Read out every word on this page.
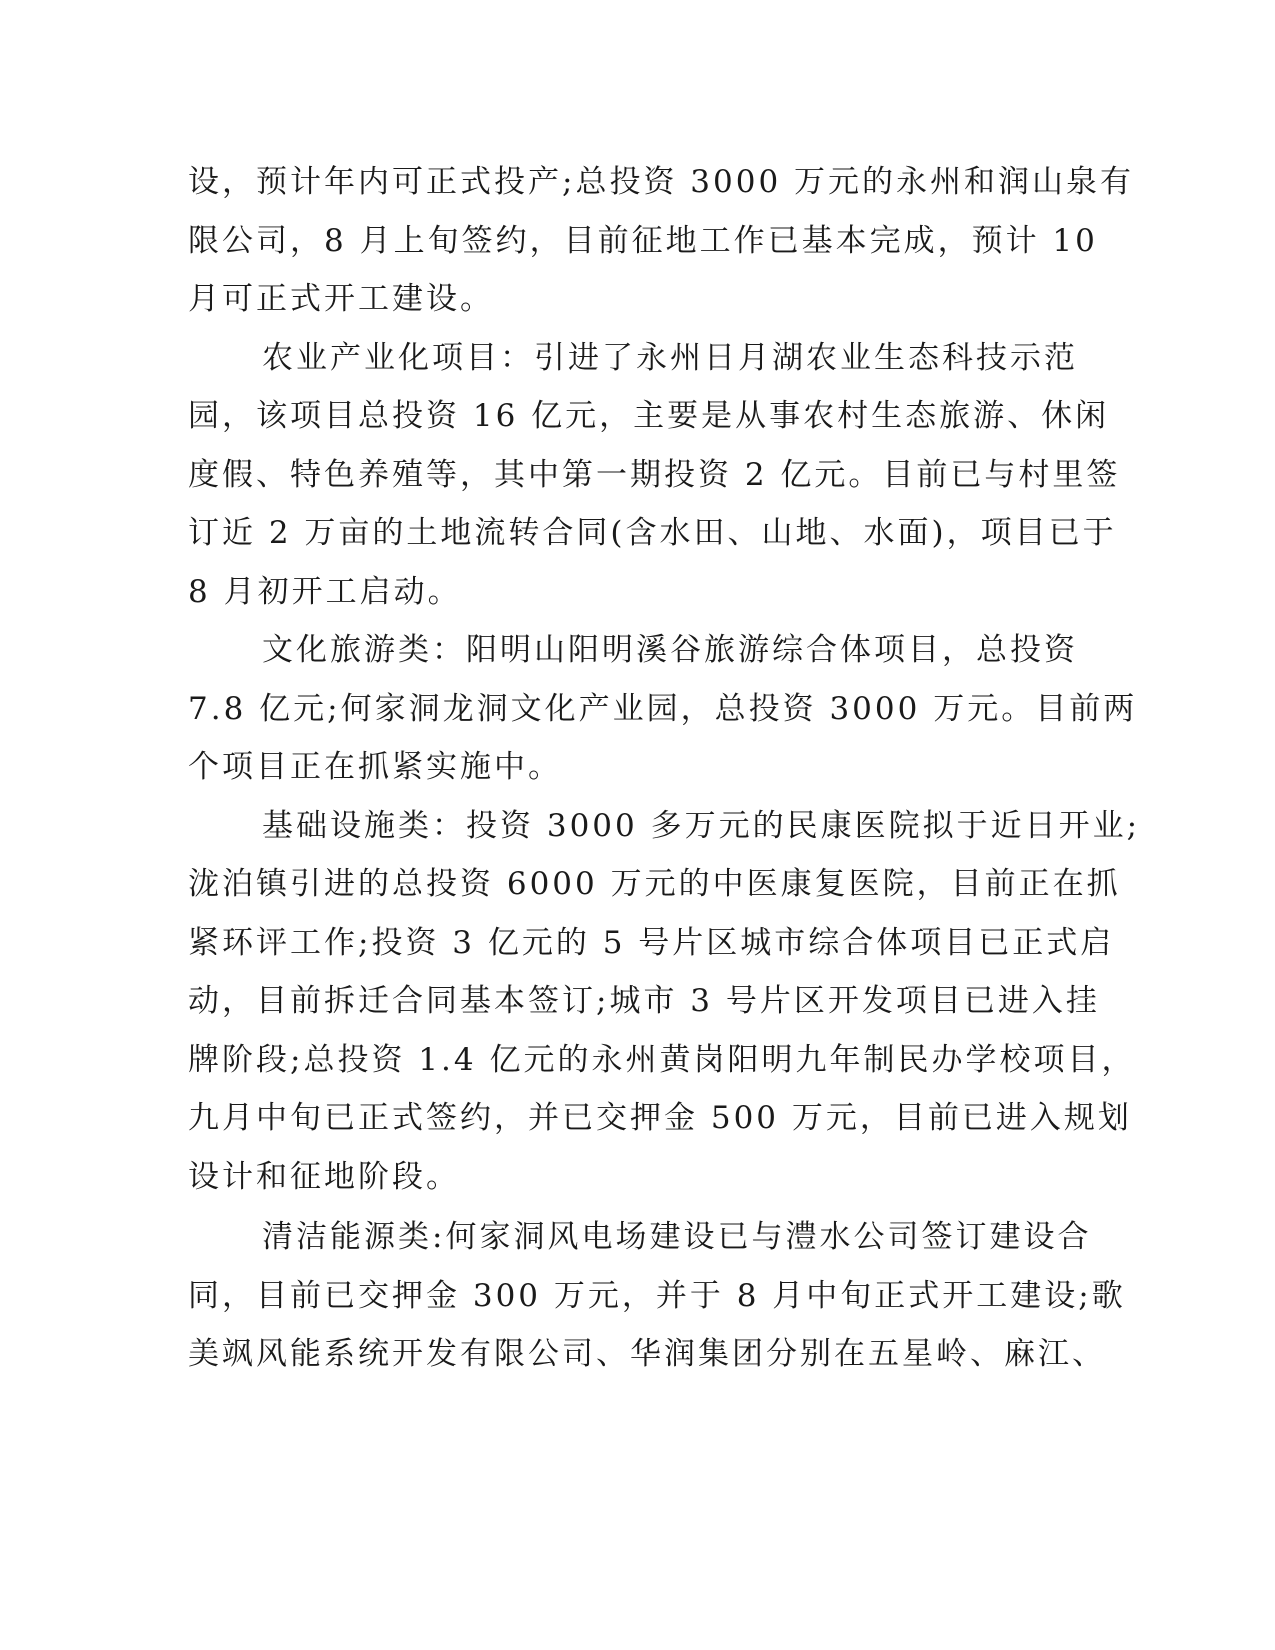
设，预计年内可正式投产;总投资 3000 万元的永州和润山泉有
限公司，8 月上旬签约，目前征地工作已基本完成，预计 10
月可正式开工建设。
农业产业化项目：引进了永州日月湖农业生态科技示范
园，该项目总投资 16 亿元，主要是从事农村生态旅游、休闲
度假、特色养殖等，其中第一期投资 2 亿元。目前已与村里签
订近 2 万亩的土地流转合同(含水田、山地、水面)，项目已于
8 月初开工启动。
文化旅游类：阳明山阳明溪谷旅游综合体项目，总投资
7.8 亿元;何家洞龙洞文化产业园，总投资 3000 万元。目前两
个项目正在抓紧实施中。
基础设施类：投资 3000 多万元的民康医院拟于近日开业;
泷泊镇引进的总投资 6000 万元的中医康复医院，目前正在抓
紧环评工作;投资 3 亿元的 5 号片区城市综合体项目已正式启
动，目前拆迁合同基本签订;城市 3 号片区开发项目已进入挂
牌阶段;总投资 1.4 亿元的永州黄岗阳明九年制民办学校项目，
九月中旬已正式签约，并已交押金 500 万元，目前已进入规划
设计和征地阶段。
清洁能源类:何家洞风电场建设已与澧水公司签订建设合
同，目前已交押金 300 万元，并于 8 月中旬正式开工建设;歌
美飒风能系统开发有限公司、华润集团分别在五星岭、麻江、
